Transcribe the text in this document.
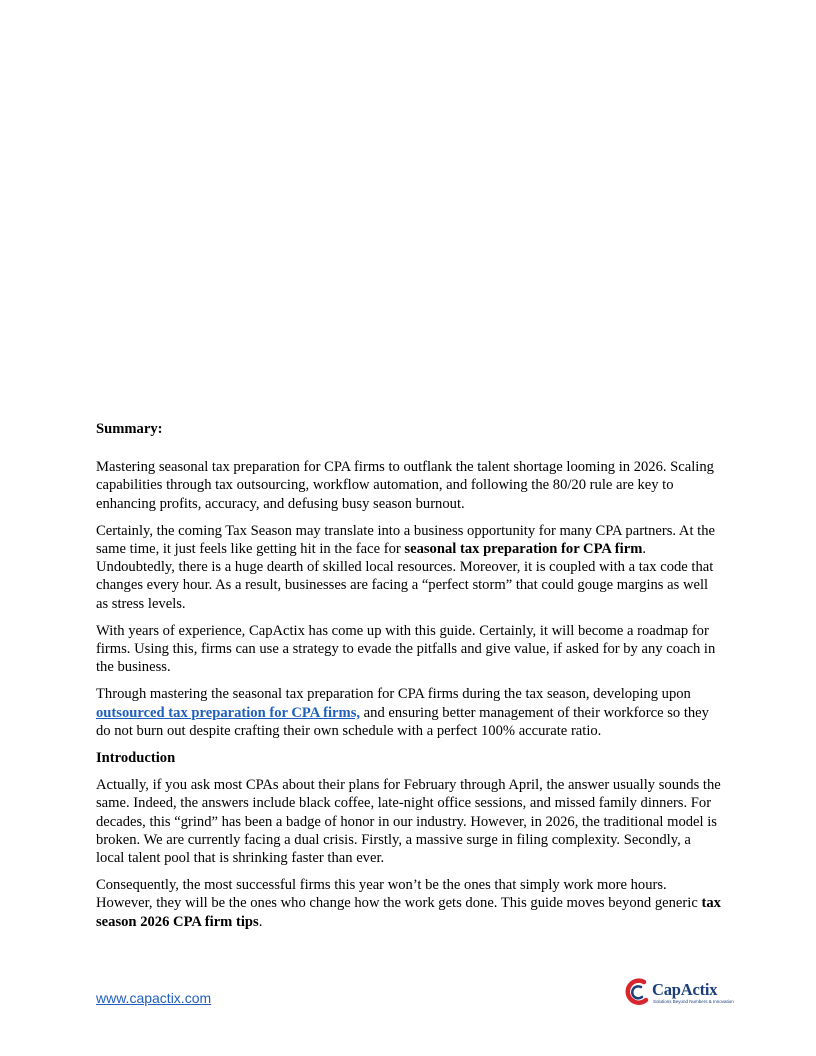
Summary:

Mastering seasonal tax preparation for CPA firms to outflank the talent shortage looming in 2026. Scaling capabilities through tax outsourcing, workflow automation, and following the 80/20 rule are key to enhancing profits, accuracy, and defusing busy season burnout.

Certainly, the coming Tax Season may translate into a business opportunity for many CPA partners. At the same time, it just feels like getting hit in the face for seasonal tax preparation for CPA firm. Undoubtedly, there is a huge dearth of skilled local resources. Moreover, it is coupled with a tax code that changes every hour. As a result, businesses are facing a “perfect storm” that could gouge margins as well as stress levels.

With years of experience, CapActix has come up with this guide. Certainly, it will become a roadmap for firms. Using this, firms can use a strategy to evade the pitfalls and give value, if asked for by any coach in the business.

Through mastering the seasonal tax preparation for CPA firms during the tax season, developing upon outsourced tax preparation for CPA firms, and ensuring better management of their workforce so they do not burn out despite crafting their own schedule with a perfect 100% accurate ratio.

Introduction

Actually, if you ask most CPAs about their plans for February through April, the answer usually sounds the same. Indeed, the answers include black coffee, late-night office sessions, and missed family dinners. For decades, this “grind” has been a badge of honor in our industry. However, in 2026, the traditional model is broken. We are currently facing a dual crisis. Firstly, a massive surge in filing complexity. Secondly, a local talent pool that is shrinking faster than ever.

Consequently, the most successful firms this year won’t be the ones that simply work more hours. However, they will be the ones who change how the work gets done. This guide moves beyond generic tax season 2026 CPA firm tips.

www.capactix.com	CapActix
Solutions Beyond Numbers & Innovation
